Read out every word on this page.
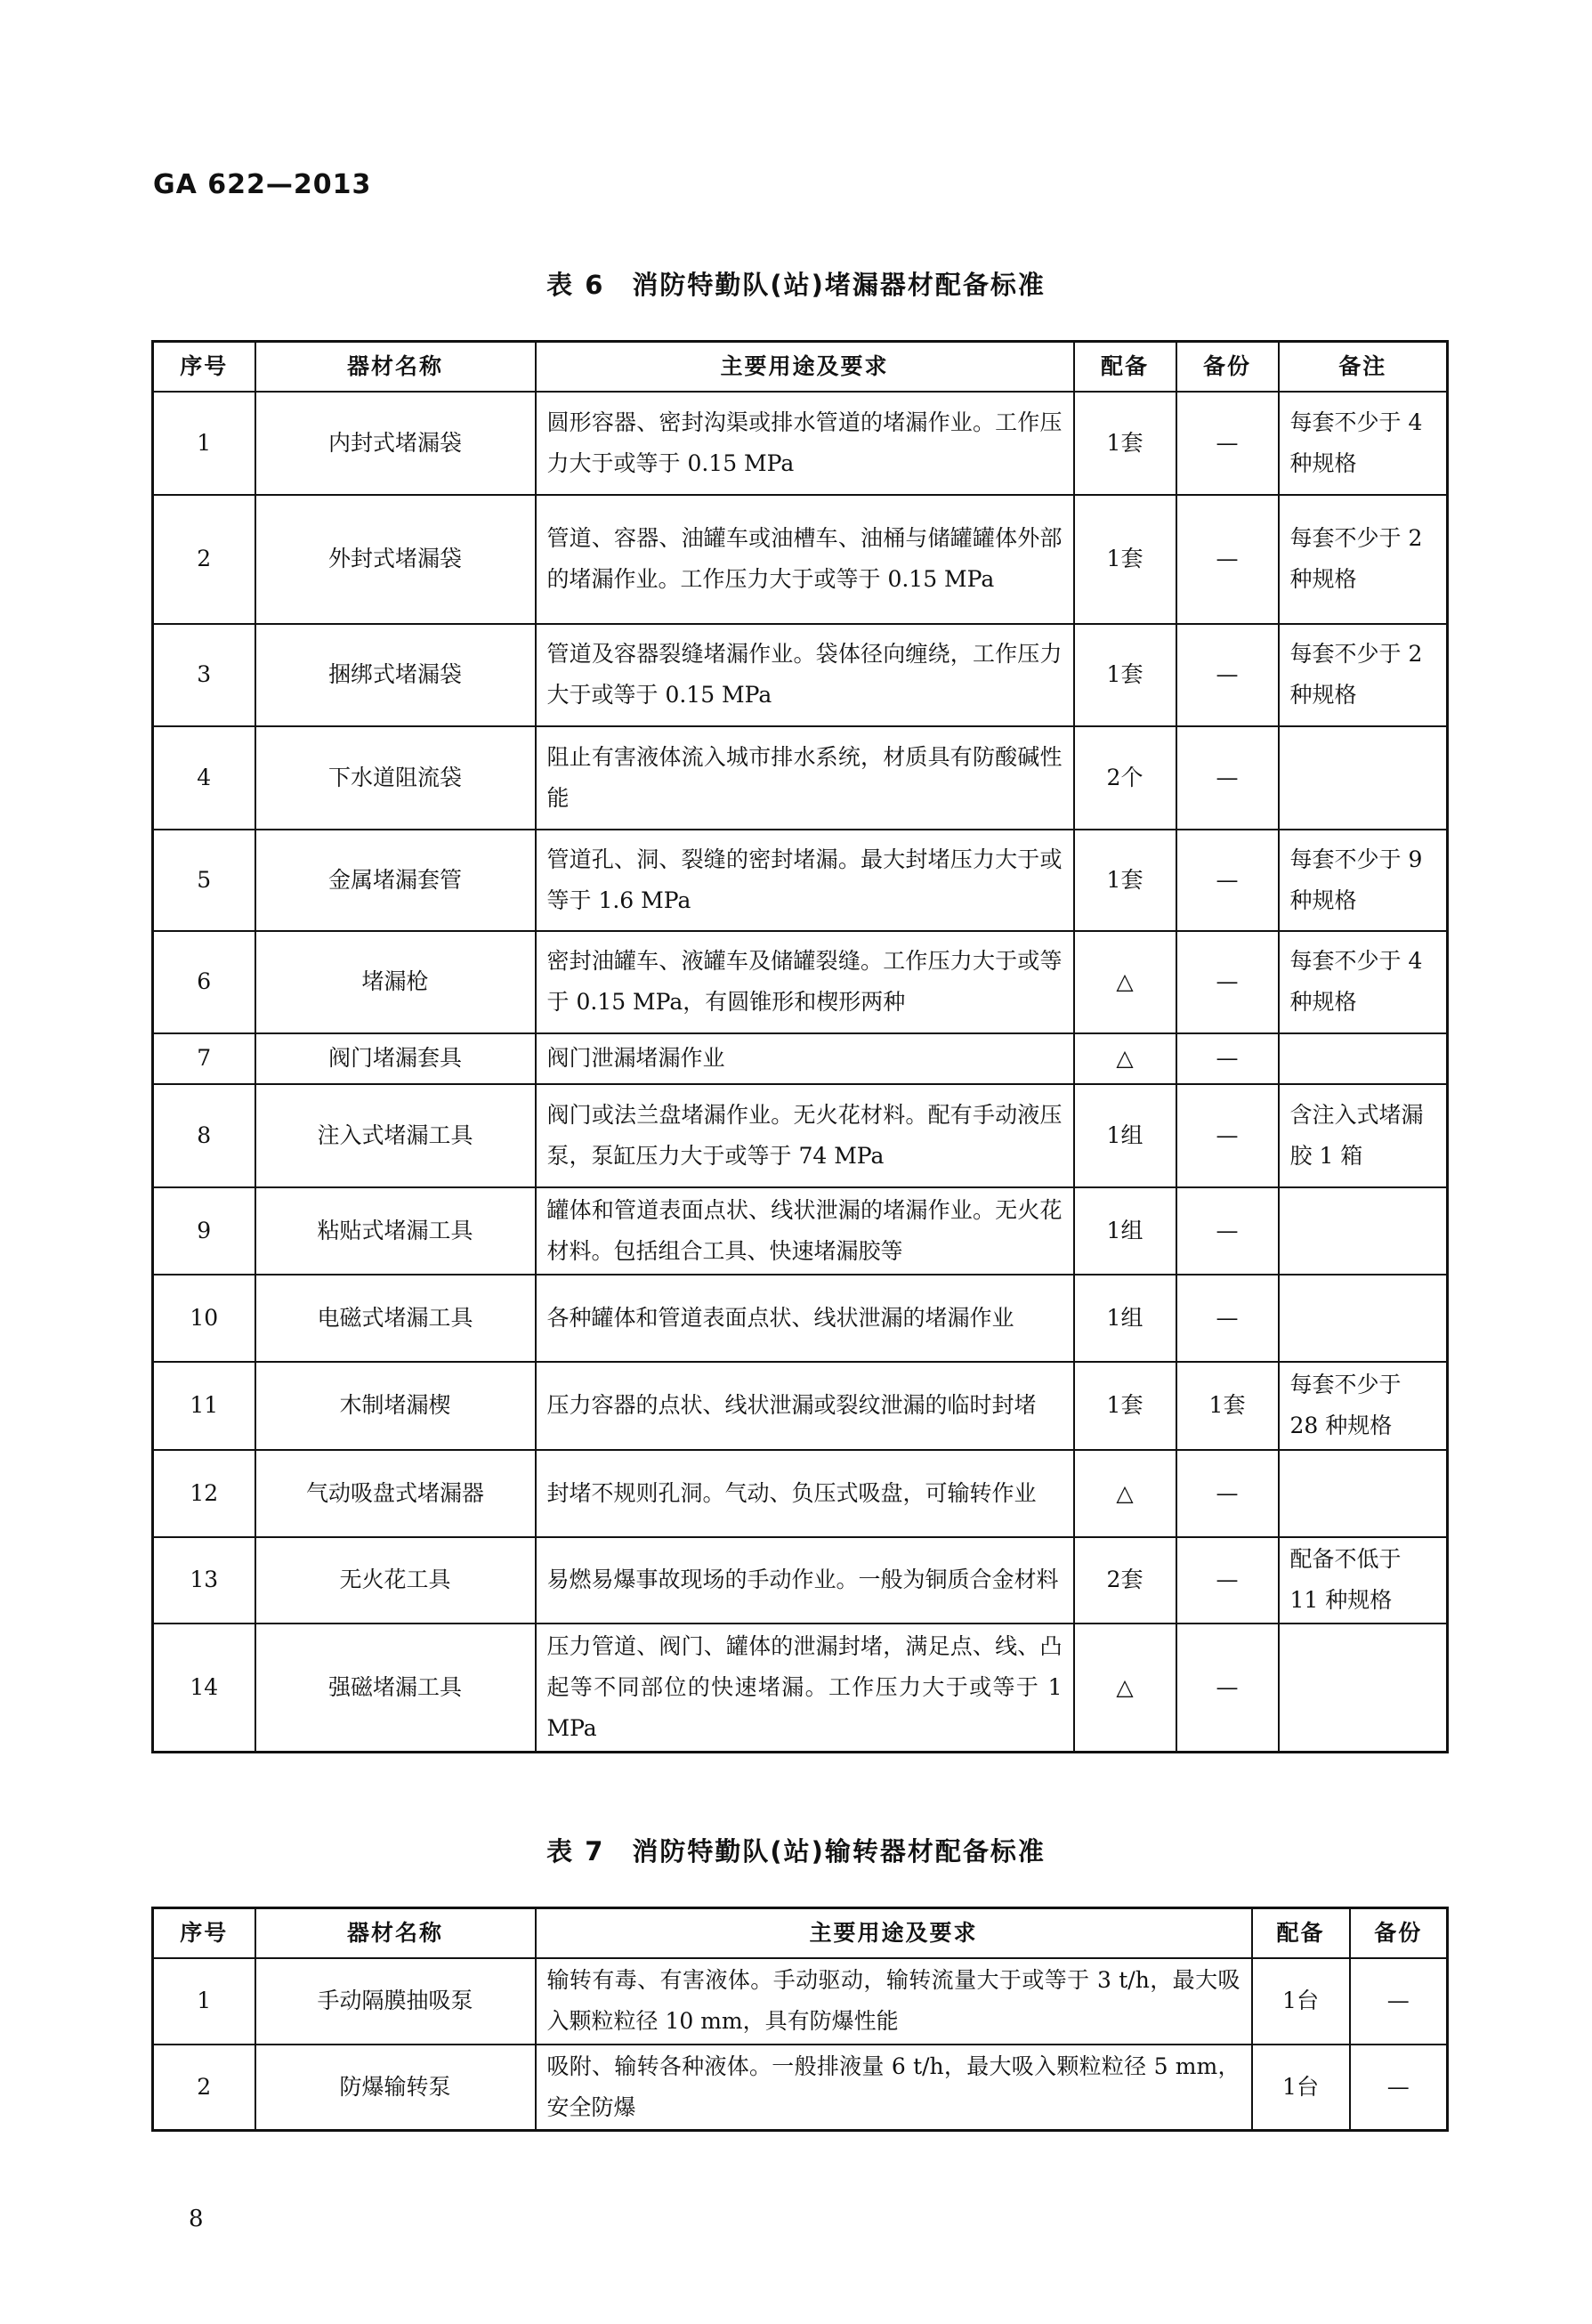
GA 622—2013
表 6　消防特勤队(站)堵漏器材配备标准
序号	器材名称	主要用途及要求	配备	备份	备注
1	内封式堵漏袋	圆形容器、密封沟渠或排水管道的堵漏作业。工作压力大于或等于 0.15 MPa	1套	—	每套不少于 4 种规格
2	外封式堵漏袋	管道、容器、油罐车或油槽车、油桶与储罐罐体外部的堵漏作业。工作压力大于或等于 0.15 MPa	1套	—	每套不少于 2 种规格
3	捆绑式堵漏袋	管道及容器裂缝堵漏作业。袋体径向缠绕，工作压力大于或等于 0.15 MPa	1套	—	每套不少于 2 种规格
4	下水道阻流袋	阻止有害液体流入城市排水系统，材质具有防酸碱性能	2个	—	
5	金属堵漏套管	管道孔、洞、裂缝的密封堵漏。最大封堵压力大于或等于 1.6 MPa	1套	—	每套不少于 9 种规格
6	堵漏枪	密封油罐车、液罐车及储罐裂缝。工作压力大于或等于 0.15 MPa，有圆锥形和楔形两种	△	—	每套不少于 4 种规格
7	阀门堵漏套具	阀门泄漏堵漏作业	△	—	
8	注入式堵漏工具	阀门或法兰盘堵漏作业。无火花材料。配有手动液压泵，泵缸压力大于或等于 74 MPa	1组	—	含注入式堵漏胶 1 箱
9	粘贴式堵漏工具	罐体和管道表面点状、线状泄漏的堵漏作业。无火花材料。包括组合工具、快速堵漏胶等	1组	—	
10	电磁式堵漏工具	各种罐体和管道表面点状、线状泄漏的堵漏作业	1组	—	
11	木制堵漏楔	压力容器的点状、线状泄漏或裂纹泄漏的临时封堵	1套	1套	每套不少于 28 种规格
12	气动吸盘式堵漏器	封堵不规则孔洞。气动、负压式吸盘，可输转作业	△	—	
13	无火花工具	易燃易爆事故现场的手动作业。一般为铜质合金材料	2套	—	配备不低于 11 种规格
14	强磁堵漏工具	压力管道、阀门、罐体的泄漏封堵，满足点、线、凸起等不同部位的快速堵漏。工作压力大于或等于 1 MPa	△	—	
表 7　消防特勤队(站)输转器材配备标准
序号	器材名称	主要用途及要求	配备	备份
1	手动隔膜抽吸泵	输转有毒、有害液体。手动驱动，输转流量大于或等于 3 t/h，最大吸入颗粒粒径 10 mm，具有防爆性能	1台	—
2	防爆输转泵	吸附、输转各种液体。一般排液量 6 t/h，最大吸入颗粒粒径 5 mm，安全防爆	1台	—
8
